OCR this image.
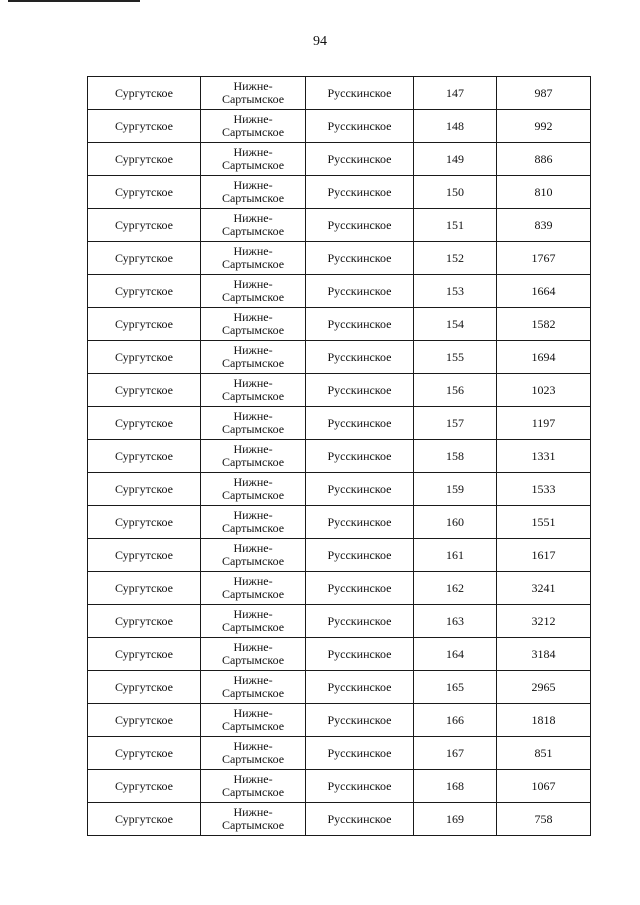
94
Сургутское	Нижне-
Сартымское	Русскинское	147	987
Сургутское	Нижне-
Сартымское	Русскинское	148	992
Сургутское	Нижне-
Сартымское	Русскинское	149	886
Сургутское	Нижне-
Сартымское	Русскинское	150	810
Сургутское	Нижне-
Сартымское	Русскинское	151	839
Сургутское	Нижне-
Сартымское	Русскинское	152	1767
Сургутское	Нижне-
Сартымское	Русскинское	153	1664
Сургутское	Нижне-
Сартымское	Русскинское	154	1582
Сургутское	Нижне-
Сартымское	Русскинское	155	1694
Сургутское	Нижне-
Сартымское	Русскинское	156	1023
Сургутское	Нижне-
Сартымское	Русскинское	157	1197
Сургутское	Нижне-
Сартымское	Русскинское	158	1331
Сургутское	Нижне-
Сартымское	Русскинское	159	1533
Сургутское	Нижне-
Сартымское	Русскинское	160	1551
Сургутское	Нижне-
Сартымское	Русскинское	161	1617
Сургутское	Нижне-
Сартымское	Русскинское	162	3241
Сургутское	Нижне-
Сартымское	Русскинское	163	3212
Сургутское	Нижне-
Сартымское	Русскинское	164	3184
Сургутское	Нижне-
Сартымское	Русскинское	165	2965
Сургутское	Нижне-
Сартымское	Русскинское	166	1818
Сургутское	Нижне-
Сартымское	Русскинское	167	851
Сургутское	Нижне-
Сартымское	Русскинское	168	1067
Сургутское	Нижне-
Сартымское	Русскинское	169	758
